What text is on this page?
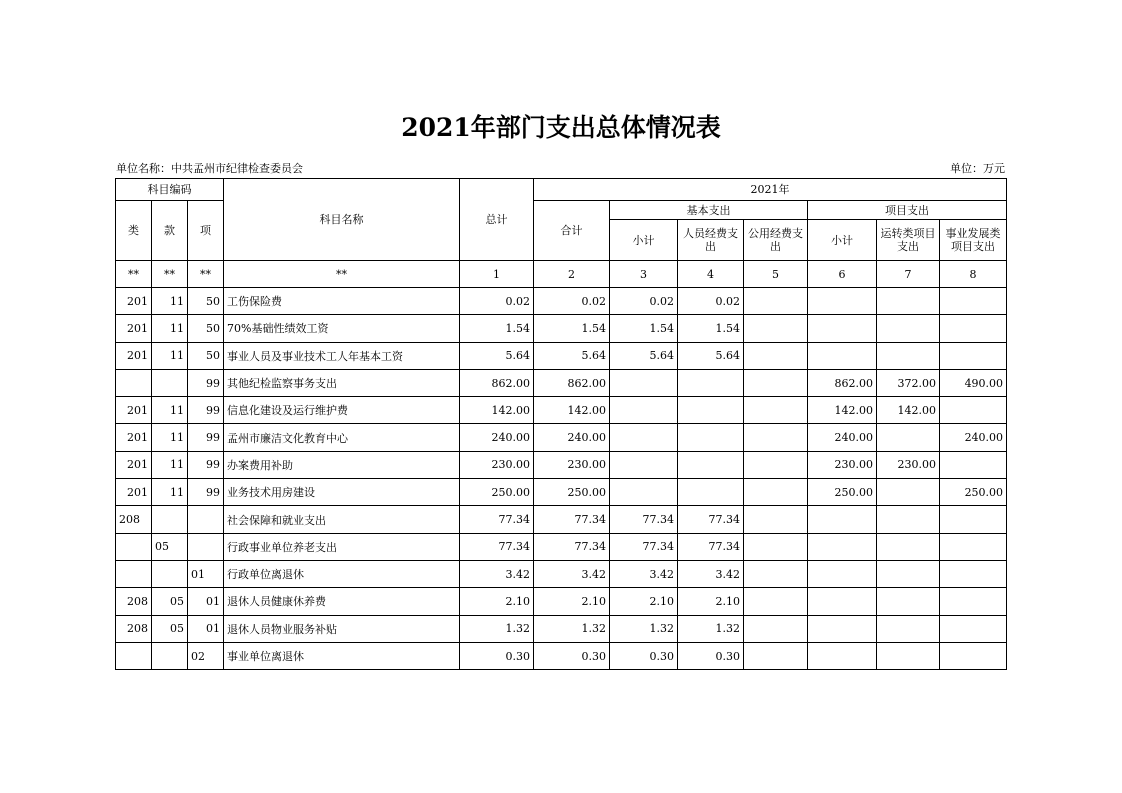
2021年部门支出总体情况表
单位名称：中共孟州市纪律检查委员会	单位：万元
科目编码			科目名称	总计	2021年						
类	款	项			合计	基本支出			项目支出		
						小计	人员经费支出	公用经费支出	小计	运转类项目支出	事业发展类项目支出
**	**	**	**	1	2	3	4	5	6	7	8
201	11	50	工伤保险费	0.02	0.02	0.02	0.02				
201	11	50	70%基础性绩效工资	1.54	1.54	1.54	1.54				
201	11	50	事业人员及事业技术工人年基本工资	5.64	5.64	5.64	5.64				
		99	其他纪检监察事务支出	862.00	862.00				862.00	372.00	490.00
201	11	99	信息化建设及运行维护费	142.00	142.00				142.00	142.00	
201	11	99	孟州市廉洁文化教育中心	240.00	240.00				240.00		240.00
201	11	99	办案费用补助	230.00	230.00				230.00	230.00	
201	11	99	业务技术用房建设	250.00	250.00				250.00		250.00
208			社会保障和就业支出	77.34	77.34	77.34	77.34				
	05		行政事业单位养老支出	77.34	77.34	77.34	77.34				
		01	行政单位离退休	3.42	3.42	3.42	3.42				
208	05	01	退休人员健康休养费	2.10	2.10	2.10	2.10				
208	05	01	退休人员物业服务补贴	1.32	1.32	1.32	1.32				
		02	事业单位离退休	0.30	0.30	0.30	0.30				
